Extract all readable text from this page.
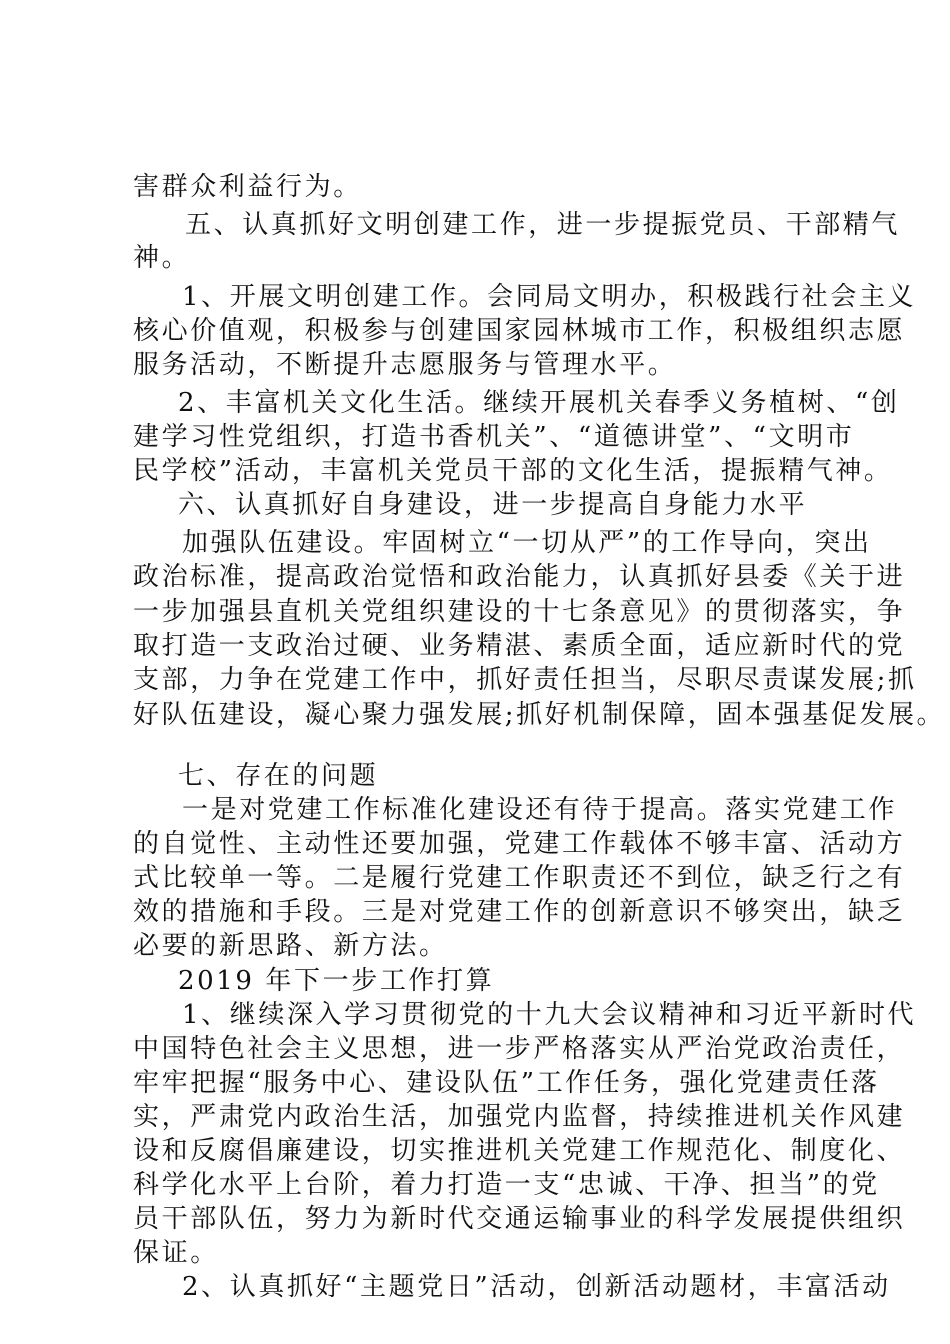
害群众利益行为。
五、认真抓好文明创建工作，进一步提振党员、干部精气
神。
1、开展文明创建工作。会同局文明办，积极践行社会主义
核心价值观，积极参与创建国家园林城市工作，积极组织志愿
服务活动，不断提升志愿服务与管理水平。
2、丰富机关文化生活。继续开展机关春季义务植树、“创
建学习性党组织，打造书香机关”、“道德讲堂”、“文明市
民学校”活动，丰富机关党员干部的文化生活，提振精气神。
六、认真抓好自身建设，进一步提高自身能力水平
加强队伍建设。牢固树立“一切从严”的工作导向，突出
政治标准，提高政治觉悟和政治能力，认真抓好县委《关于进
一步加强县直机关党组织建设的十七条意见》的贯彻落实，争
取打造一支政治过硬、业务精湛、素质全面，适应新时代的党
支部，力争在党建工作中，抓好责任担当，尽职尽责谋发展;抓
好队伍建设，凝心聚力强发展;抓好机制保障，固本强基促发展。
七、存在的问题
一是对党建工作标准化建设还有待于提高。落实党建工作
的自觉性、主动性还要加强，党建工作载体不够丰富、活动方
式比较单一等。二是履行党建工作职责还不到位，缺乏行之有
效的措施和手段。三是对党建工作的创新意识不够突出，缺乏
必要的新思路、新方法。
2019 年下一步工作打算
1、继续深入学习贯彻党的十九大会议精神和习近平新时代
中国特色社会主义思想，进一步严格落实从严治党政治责任，
牢牢把握“服务中心、建设队伍”工作任务，强化党建责任落
实，严肃党内政治生活，加强党内监督，持续推进机关作风建
设和反腐倡廉建设，切实推进机关党建工作规范化、制度化、
科学化水平上台阶，着力打造一支“忠诚、干净、担当”的党
员干部队伍，努力为新时代交通运输事业的科学发展提供组织
保证。
2、认真抓好“主题党日”活动，创新活动题材，丰富活动
